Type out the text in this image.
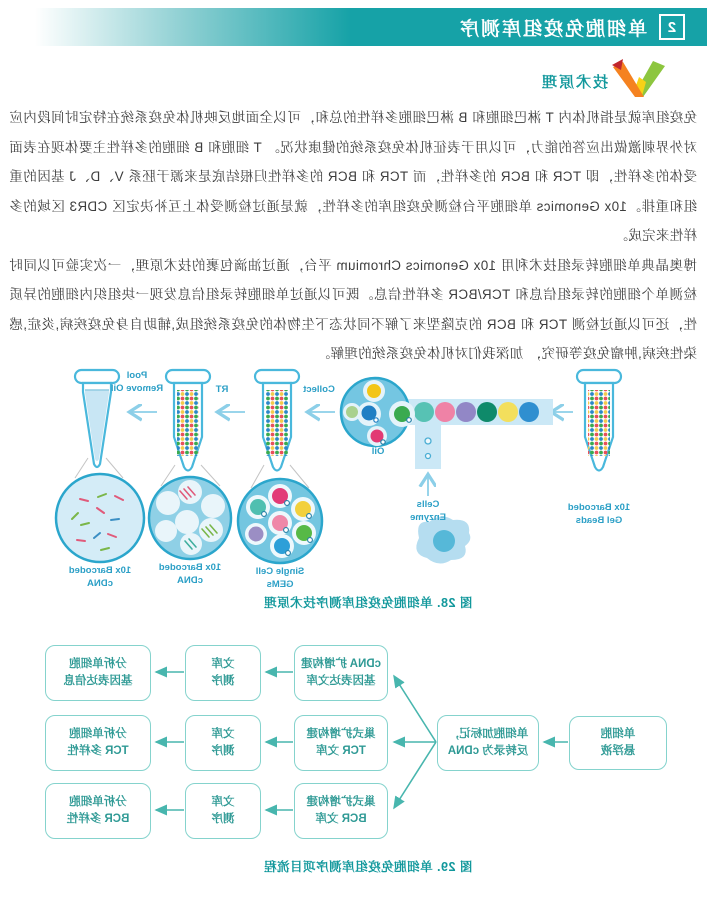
2
单细胞免疫组库测序
技术原理

免疫组库就是指机体内 T 淋巴细胞和 B 淋巴细胞多样性的总和，可以全面地反映机体免疫系统在特定时间段内应对外界刺激做出应答的能力，可以用于表征机体免疫系统的健康状况。 T 细胞和 B 细胞的多样性主要体现在表面受体的多样性，即 TCR 和 BCR 的多样性，而 TCR 和 BCR 的多样性归根结底是来源于胚系 V、D、J 基因的重组和重排。10x Genomics 单细胞平台检测免疫组库的多样性，就是通过检测受体上互补决定区 CDR3 区域的多样性来完成。

博奥晶典单细胞转录组技术利用 10x Genomics Chromium 平台，通过油滴包裹的技术原理，一次实验可以同时检测单个细胞的转录组信息和 TCR/BCR 多样性信息。既可以通过单细胞转录组信息发现一块组织内细胞的异质性，还可以通过检测 TCR 和 BCR 的克隆型来了解不同状态下生物体的免疫系统组成,辅助自身免疫疾病,炎症,感染性疾病,肿瘤免疫等研究， 加深我们对机体免疫系统的理解。

10x Barcoded
Gel Beads
Oil
Cells
Enzyme
Collect
Single Cell
GEMs
RT
10x Barcoded
cDNA
Pool
Remove Oil
10x Barcoded
cDNA
图 28. 单细胞免疫组库测序技术原理
单细胞
悬浮液
单细胞加标记，
反转录为 cDNA
cDNA 扩增构建
基因表达文库
巢式扩增构建
TCR 文库
巢式扩增构建
BCR 文库
文库
测序
文库
测序
文库
测序
分析单细胞
基因表达信息
分析单细胞
TCR 多样性
分析单细胞
BCR 多样性
图 29. 单细胞免疫组库测序项目流程
